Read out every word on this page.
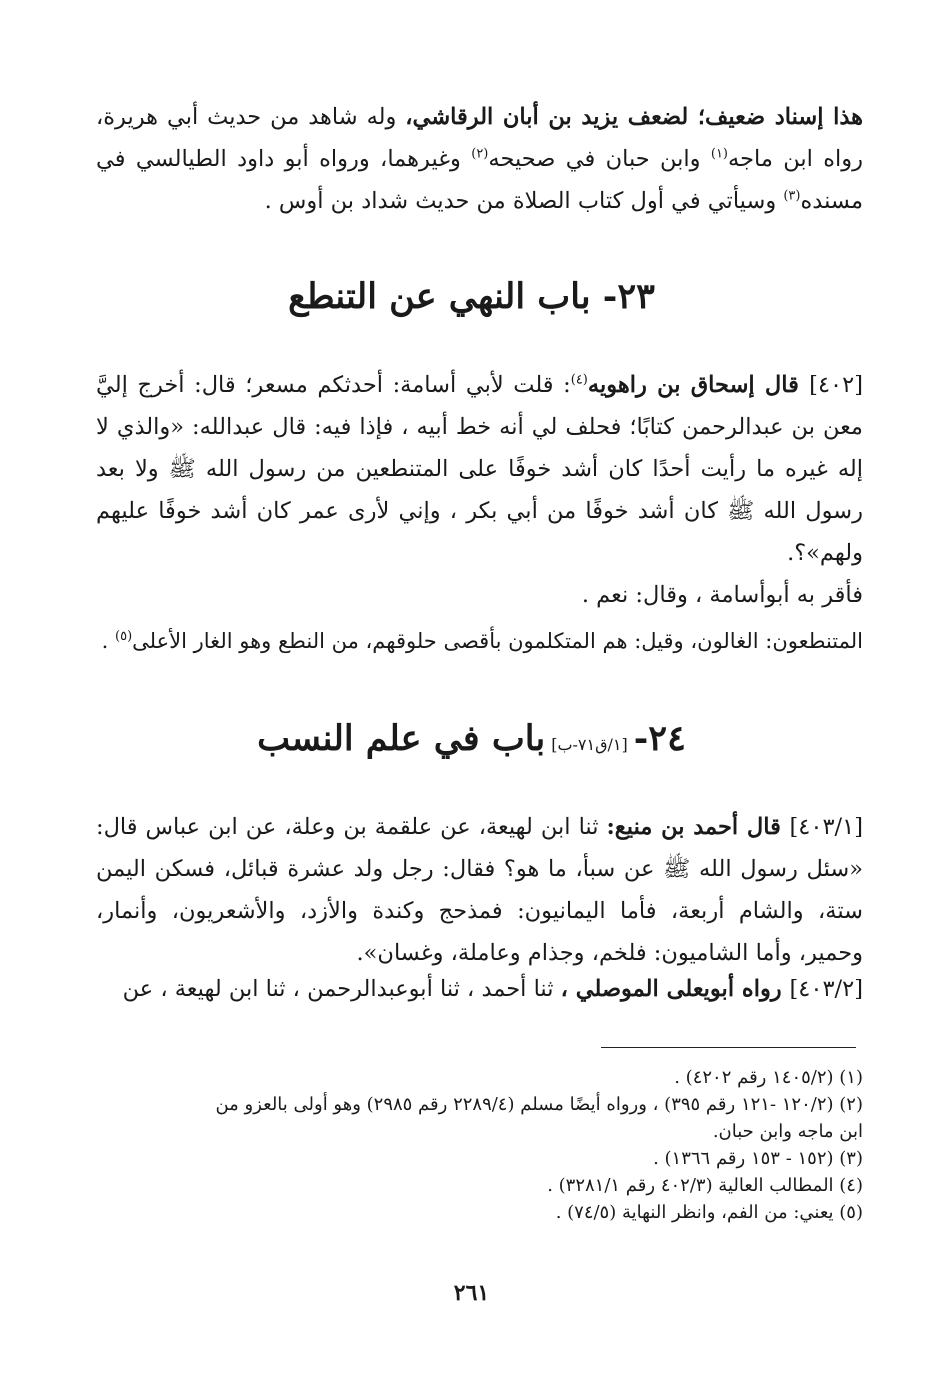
هذا إسناد ضعيف؛ لضعف يزيد بن أبان الرقاشي، وله شاهد من حديث أبي هريرة، رواه ابن ماجه$^{(١)}$ وابن حبان في صحيحه$^{(٢)}$ وغيرهما، ورواه أبو داود الطيالسي في مسنده$^{(٣)}$ وسيأتي في أول كتاب الصلاة من حديث شداد بن أوس .

٢٣- باب النهي عن التنطع

[٤٠٢] قال إسحاق بن راهويه$^{(٤)}$: قلت لأبي أسامة: أحدثكم مسعر؛ قال: أخرج إليَّ معن بن عبدالرحمن كتابًا؛ فحلف لي أنه خط أبيه ، فإذا فيه: قال عبدالله: «والذي لا إله غيره ما رأيت أحدًا كان أشد خوفًا على المتنطعين من رسول الله ﷺ ولا بعد رسول الله ﷺ كان أشد خوفًا من أبي بكر ، وإني لأرى عمر كان أشد خوفًا عليهم ولهم»؟.

فأقر به أبوأسامة ، وقال: نعم .

المتنطعون: الغالون، وقيل: هم المتكلمون بأقصى حلوقهم، من النطع وهو الغار الأعلى$^{(٥)}$ .

٢٤-[١/ق٧١-ب]باب في علم النسب

[٤٠٣/١] قال أحمد بن منيع: ثنا ابن لهيعة، عن علقمة بن وعلة، عن ابن عباس قال: «سئل رسول الله ﷺ عن سبأ، ما هو؟ فقال: رجل ولد عشرة قبائل، فسكن اليمن ستة، والشام أربعة، فأما اليمانيون: فمذحج وكندة والأزد، والأشعريون، وأنمار، وحمير، وأما الشاميون: فلخم، وجذام وعاملة، وغسان».

[٤٠٣/٢] رواه أبويعلى الموصلي ، ثنا أحمد ، ثنا أبوعبدالرحمن ، ثنا ابن لهيعة ، عن

(١) (١٤٠٥/٢ رقم ٤٢٠٢) .

(٢) (١٢٠/٢ -١٢١ رقم ٣٩٥) ، ورواه أيضًا مسلم (٢٢٨٩/٤ رقم ٢٩٨٥) وهو أولى بالعزو من

ابن ماجه وابن حبان.

(٣) (١٥٢ - ١٥٣ رقم ١٣٦٦) .

(٤) المطالب العالية (٤٠٢/٣ رقم ٣٢٨١/١) .

(٥) يعني: من الفم، وانظر النهاية (٧٤/٥) .

٢٦١
